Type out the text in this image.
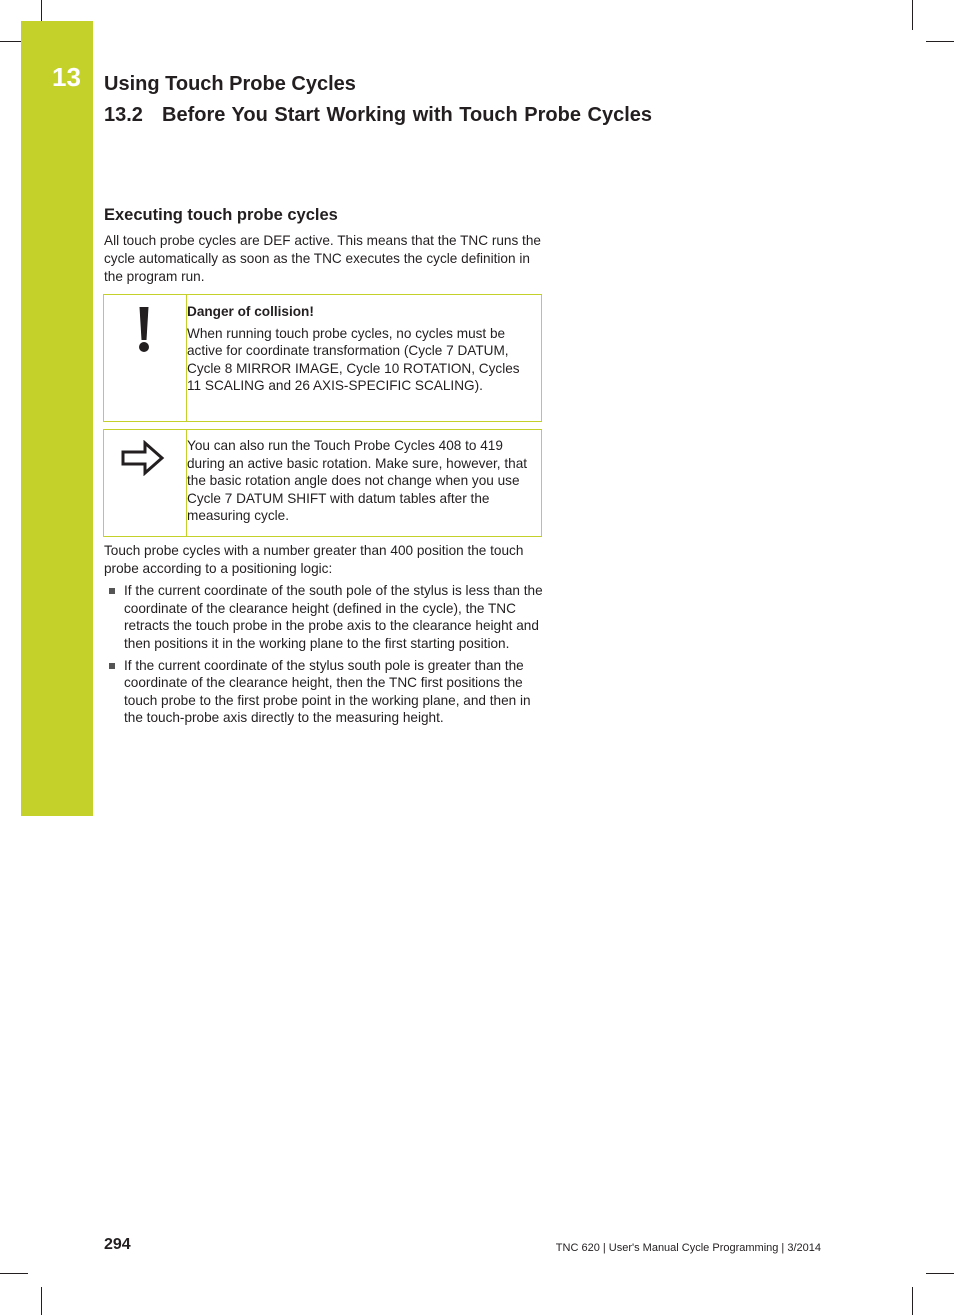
13 Using Touch Probe Cycles
13.2 Before You Start Working with Touch Probe Cycles
Executing touch probe cycles

All touch probe cycles are DEF active. This means that the TNC runs the cycle automatically as soon as the TNC executes the cycle definition in the program run.

Danger of collision!
When running touch probe cycles, no cycles must be active for coordinate transformation (Cycle 7 DATUM, Cycle 8 MIRROR IMAGE, Cycle 10 ROTATION, Cycles 11 SCALING and 26 AXIS-SPECIFIC SCALING).
You can also run the Touch Probe Cycles 408 to 419 during an active basic rotation. Make sure, however, that the basic rotation angle does not change when you use Cycle 7 DATUM SHIFT with datum tables after the measuring cycle.

Touch probe cycles with a number greater than 400 position the touch probe according to a positioning logic:

If the current coordinate of the south pole of the stylus is less than the coordinate of the clearance height (defined in the cycle), the TNC retracts the touch probe in the probe axis to the clearance height and then positions it in the working plane to the first starting position.
If the current coordinate of the stylus south pole is greater than the coordinate of the clearance height, then the TNC first positions the touch probe to the first probe point in the working plane, and then in the touch-probe axis directly to the measuring height.
294	TNC 620 | User's Manual Cycle Programming | 3/2014
